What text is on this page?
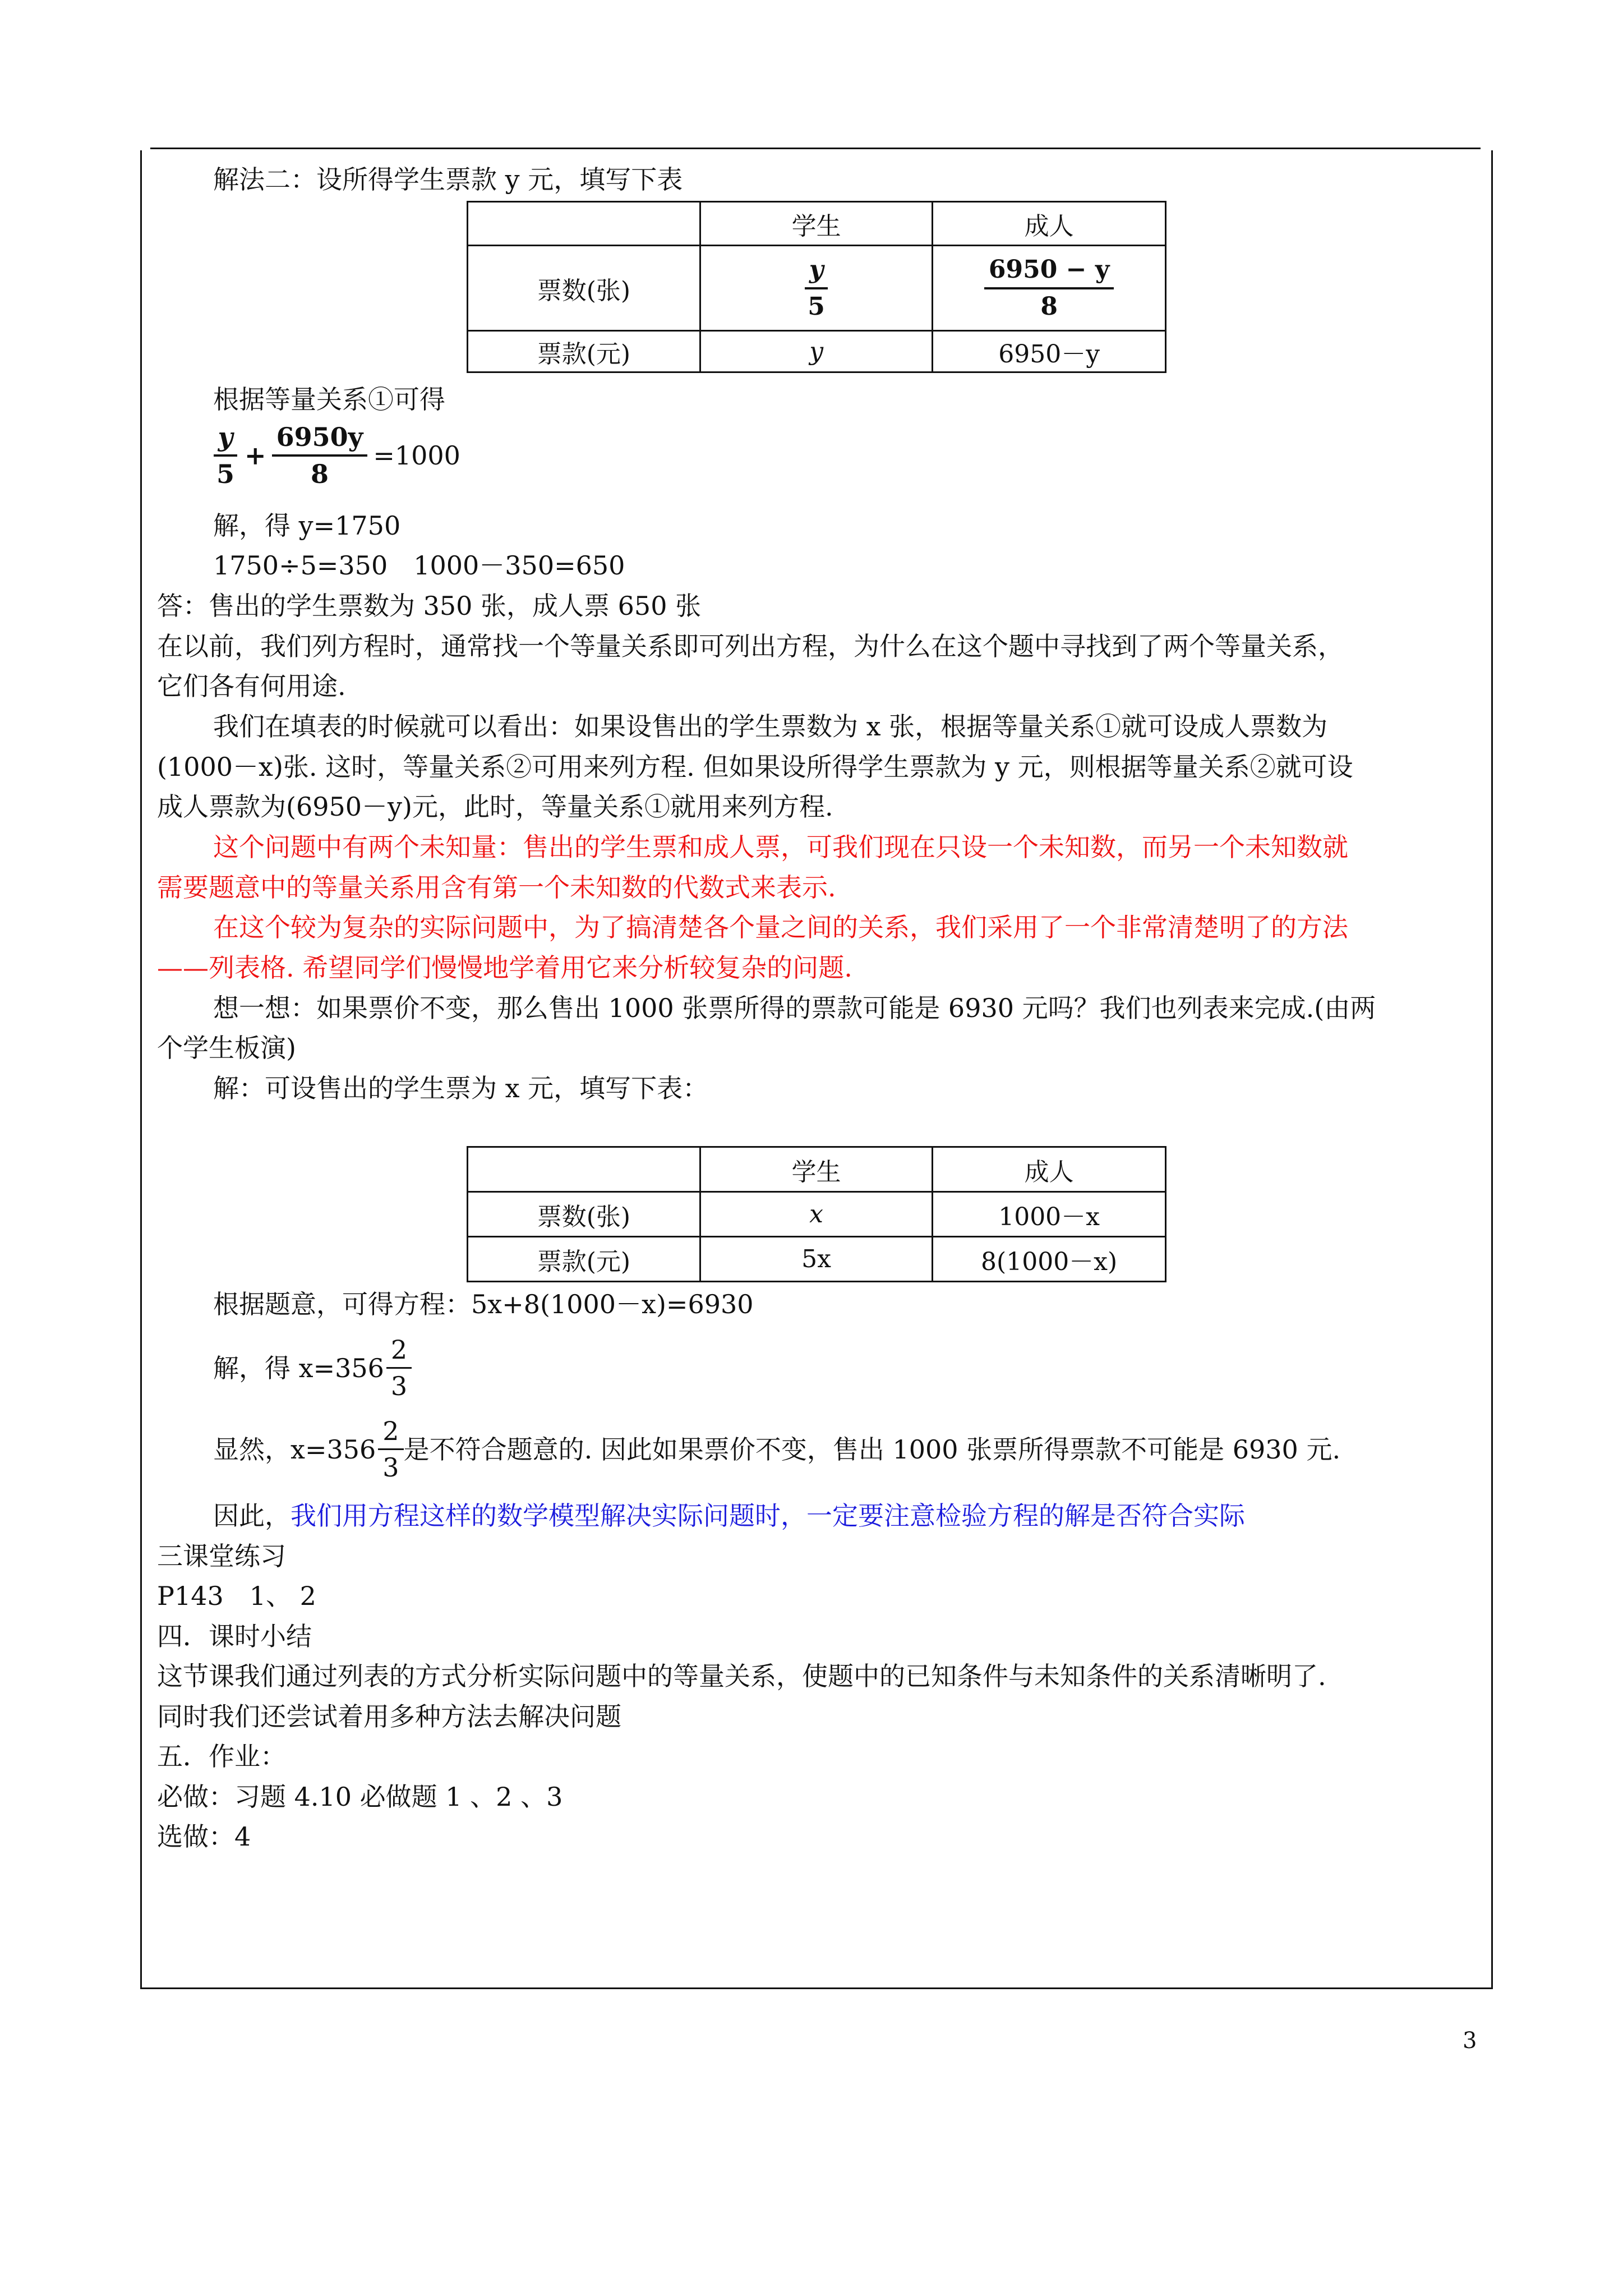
解法二：设所得学生票款 y 元，填写下表
	学生	成人
票数(张)	$\frac{y}{5}$	$\frac{6950 - y}{8}$

票款(元)	y	6950－y
根据等量关系①可得
$\frac{y}{5} + \frac{6950y}{8} =1000$
解，得 y=1750
1750÷5=350　1000－350=650
答：售出的学生票数为 350 张，成人票 650 张
在以前，我们列方程时，通常找一个等量关系即可列出方程，为什么在这个题中寻找到了两个等量关系，
它们各有何用途.
我们在填表的时候就可以看出：如果设售出的学生票数为 x 张，根据等量关系①就可设成人票数为
(1000－x)张. 这时，等量关系②可用来列方程. 但如果设所得学生票款为 y 元，则根据等量关系②就可设
成人票款为(6950－y)元，此时，等量关系①就用来列方程.
这个问题中有两个未知量：售出的学生票和成人票，可我们现在只设一个未知数，而另一个未知数就
需要题意中的等量关系用含有第一个未知数的代数式来表示.
在这个较为复杂的实际问题中，为了搞清楚各个量之间的关系，我们采用了一个非常清楚明了的方法
——列表格. 希望同学们慢慢地学着用它来分析较复杂的问题.
想一想：如果票价不变，那么售出 1000 张票所得的票款可能是 6930 元吗？我们也列表来完成.(由两
个学生板演)
解：可设售出的学生票为 x 元，填写下表：
	学生	成人
票数(张)	x	1000－x
票款(元)	5x	8(1000－x)
根据题意，可得方程：5x+8(1000－x)=6930
解，得 $x=356 \frac{2}{3}$
显然，$x=356 \frac{2}{3}$ 是不符合题意的. 因此如果票价不变，售出 1000 张票所得票款不可能是 6930 元.
因此，我们用方程这样的数学模型解决实际问题时，一定要注意检验方程的解是否符合实际
三课堂练习
P143　1、 2
四．课时小结
这节课我们通过列表的方式分析实际问题中的等量关系，使题中的已知条件与未知条件的关系清晰明了.
同时我们还尝试着用多种方法去解决问题
五．作业：
必做：习题 4.10 必做题 1 、2 、3
选做：4
3
